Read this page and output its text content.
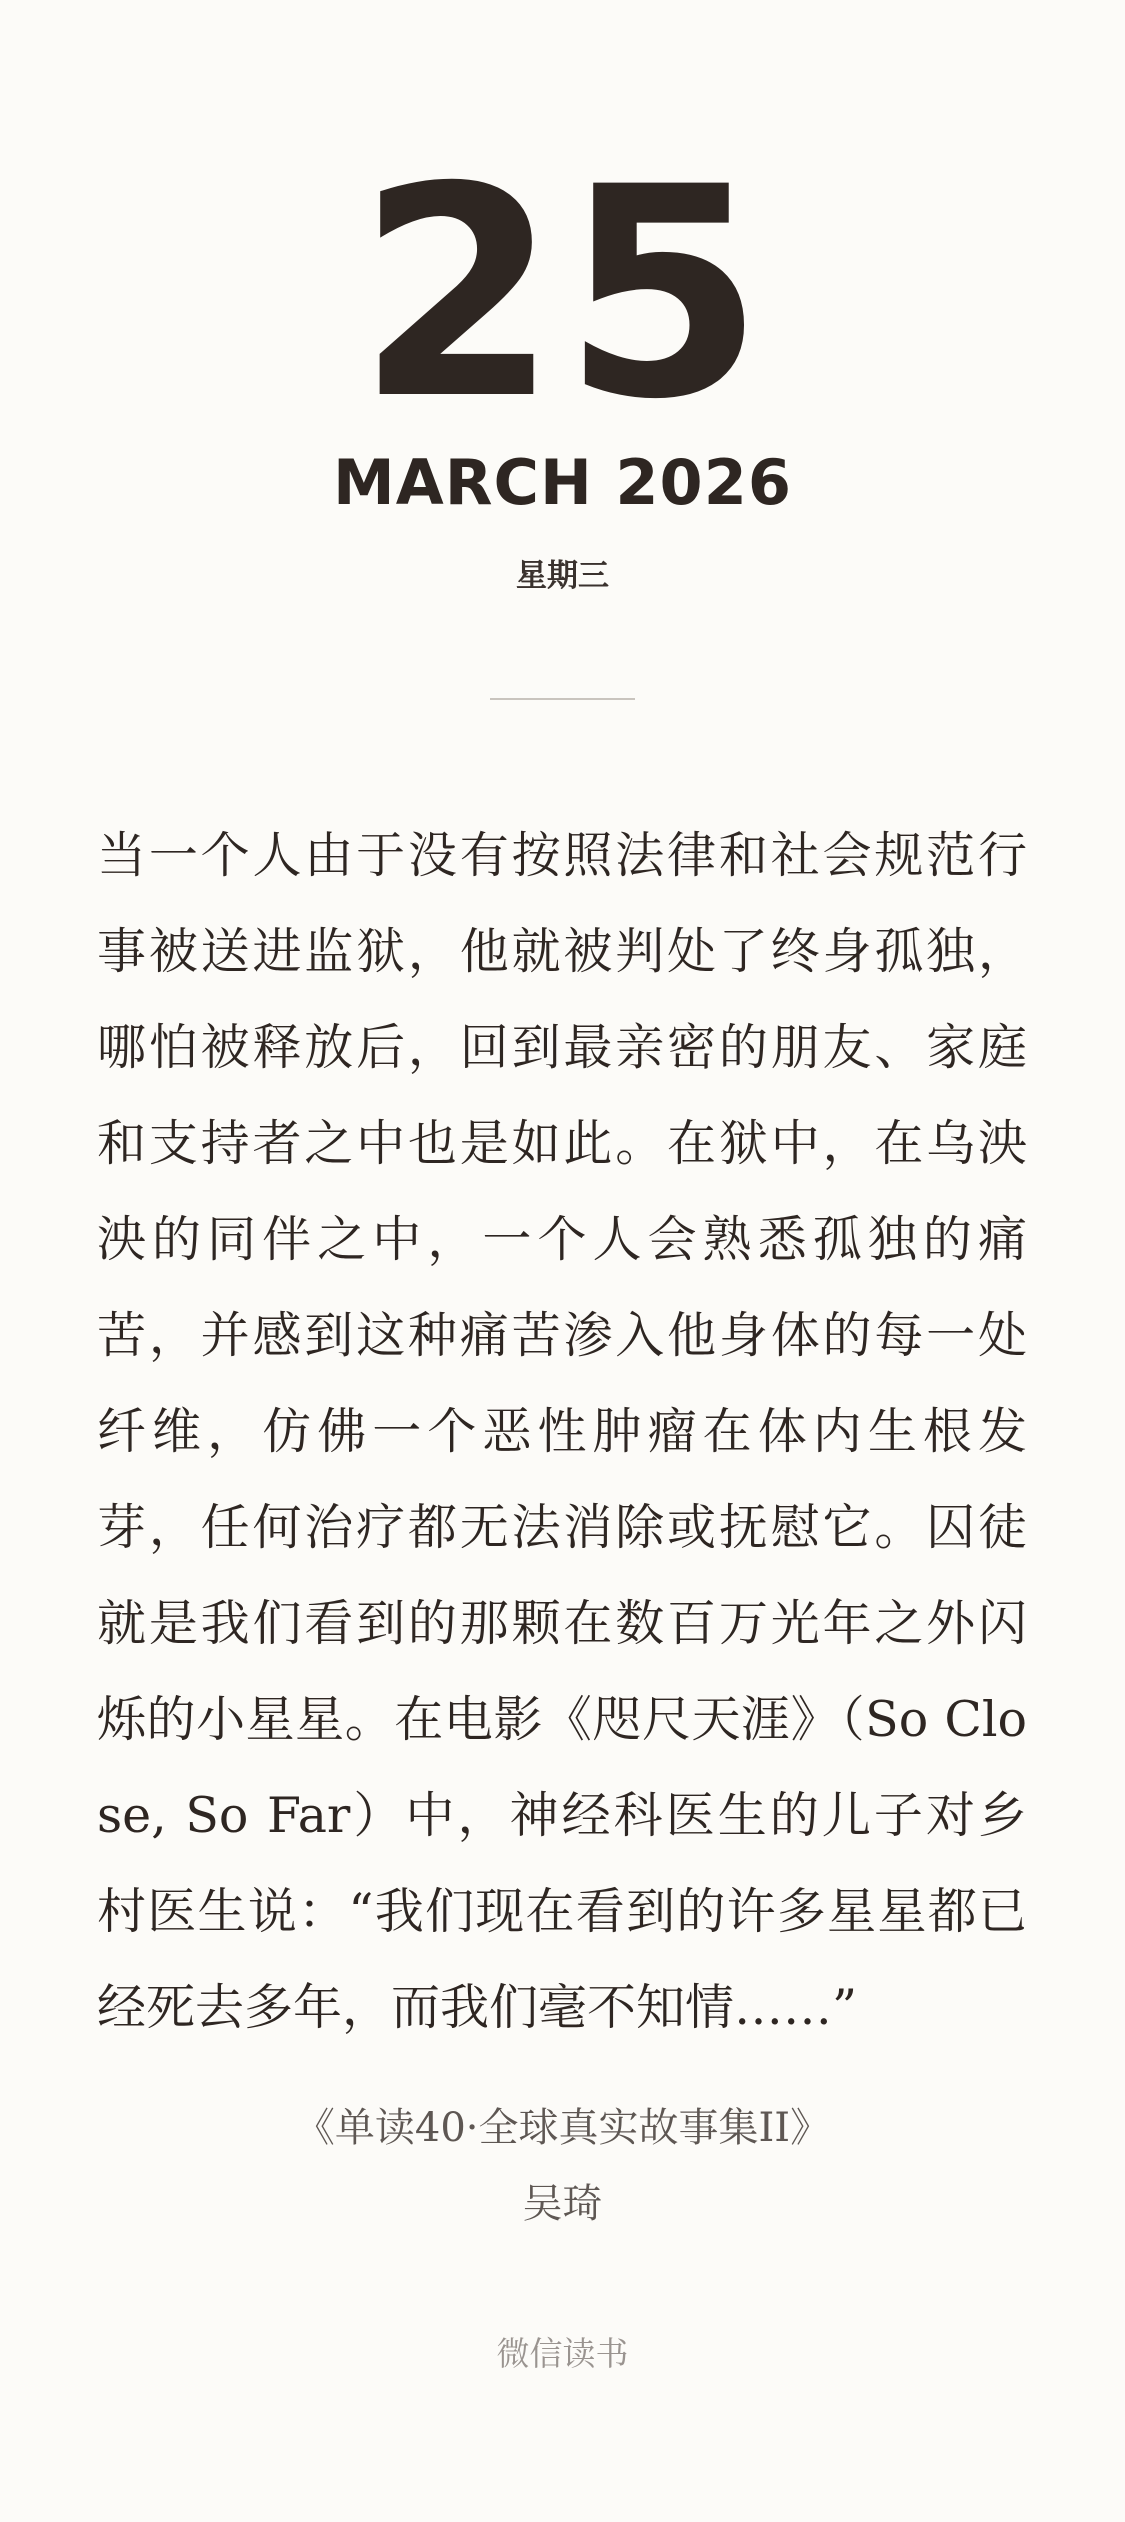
25
MARCH 2026
星期三

当一个人由于没有按照法律和社会规范行事被送进监狱，他就被判处了终身孤独，哪怕被释放后，回到最亲密的朋友、家庭和支持者之中也是如此。在狱中，在乌泱泱的同伴之中，一个人会熟悉孤独的痛苦，并感到这种痛苦渗入他身体的每一处纤维，仿佛一个恶性肿瘤在体内生根发芽，任何治疗都无法消除或抚慰它。囚徒就是我们看到的那颗在数百万光年之外闪烁的小星星。在电影《咫尺天涯》（So Close, So Far）中，神经科医生的儿子对乡村医生说：“我们现在看到的许多星星都已经死去多年，而我们毫不知情……”

《单读40·全球真实故事集II》
吴琦
微信读书
